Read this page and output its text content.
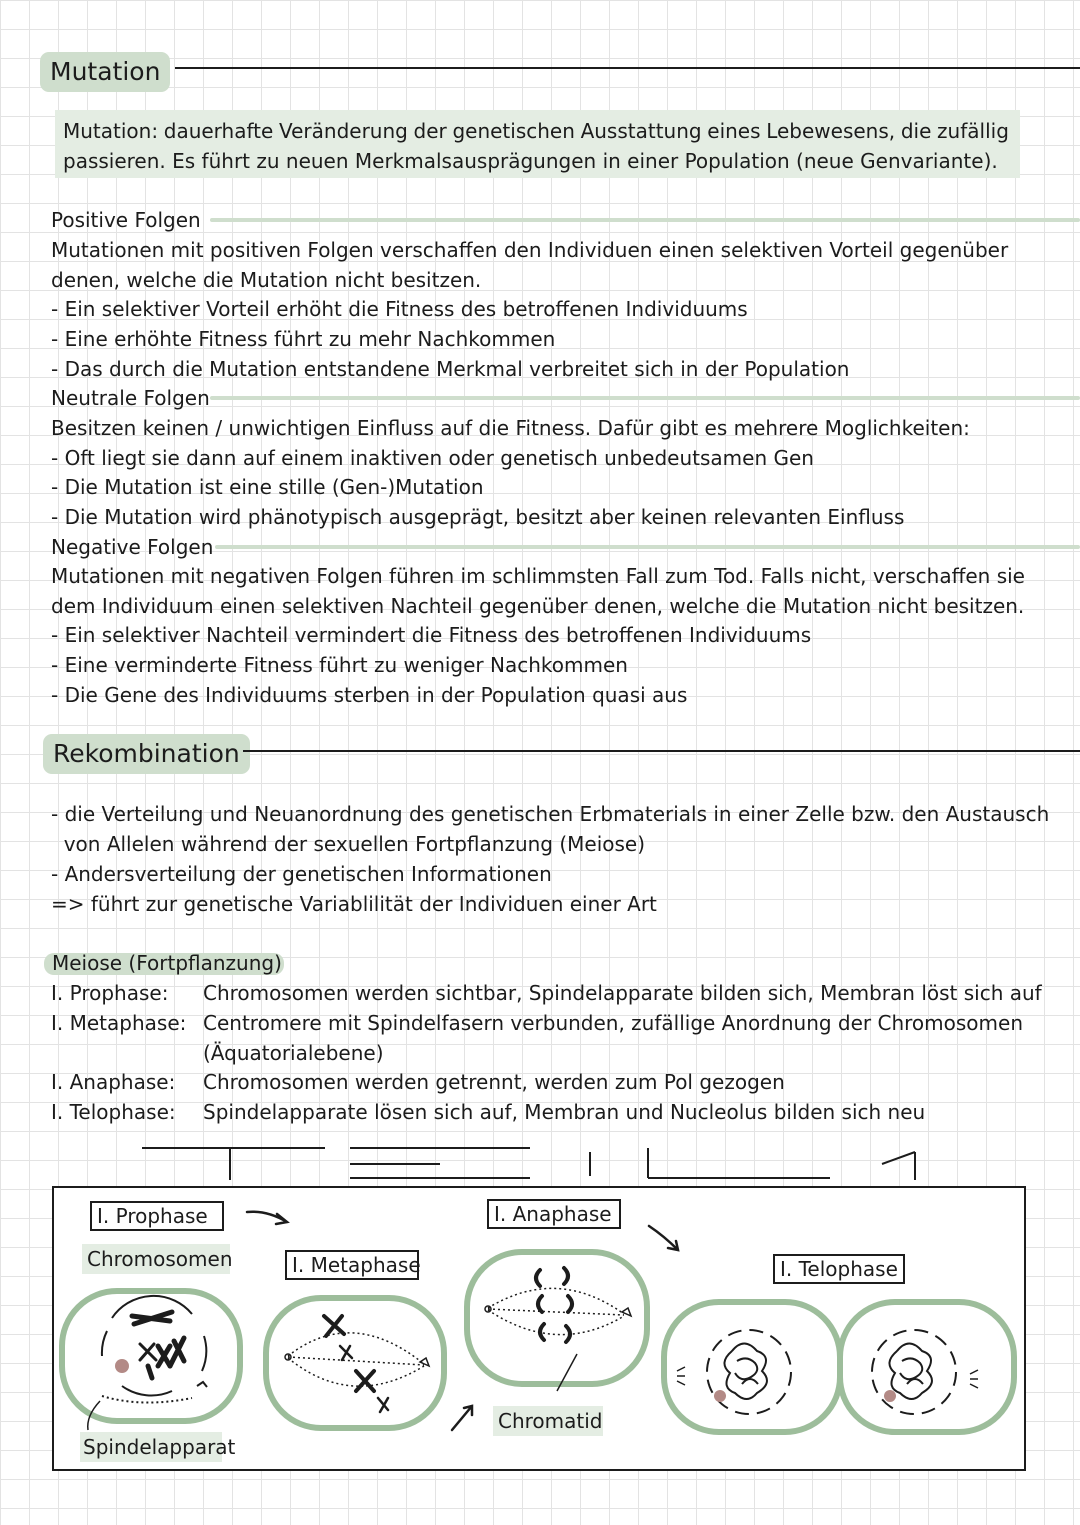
Mutation
Mutation: dauerhafte Veränderung der genetischen Ausstattung eines Lebewesens, die zufällig
passieren. Es führt zu neuen Merkmalsausprägungen in einer Population (neue Genvariante).
Positive Folgen
Mutationen mit positiven Folgen verschaffen den Individuen einen selektiven Vorteil gegenüber
denen, welche die Mutation nicht besitzen.
- Ein selektiver Vorteil erhöht die Fitness des betroffenen Individuums
- Eine erhöhte Fitness führt zu mehr Nachkommen
- Das durch die Mutation entstandene Merkmal verbreitet sich in der Population
Neutrale Folgen
Besitzen keinen / unwichtigen Einfluss auf die Fitness. Dafür gibt es mehrere Moglichkeiten:
- Oft liegt sie dann auf einem inaktiven oder genetisch unbedeutsamen Gen
- Die Mutation ist eine stille (Gen-)Mutation
- Die Mutation wird phänotypisch ausgeprägt, besitzt aber keinen relevanten Einfluss
Negative Folgen
Mutationen mit negativen Folgen führen im schlimmsten Fall zum Tod. Falls nicht, verschaffen sie
dem Individuum einen selektiven Nachteil gegenüber denen, welche die Mutation nicht besitzen.
- Ein selektiver Nachteil vermindert die Fitness des betroffenen Individuums
- Eine verminderte Fitness führt zu weniger Nachkommen
- Die Gene des Individuums sterben in der Population quasi aus
Rekombination
- die Verteilung und Neuanordnung des genetischen Erbmaterials in einer Zelle bzw. den Austausch
von Allelen während der sexuellen Fortpflanzung (Meiose)
- Andersverteilung der genetischen Informationen
=> führt zur genetische Variablilität der Individuen einer Art
Meiose (Fortpflanzung)
I. Prophase: Chromosomen werden sichtbar, Spindelapparate bilden sich, Membran löst sich auf
I. Metaphase: Centromere mit Spindelfasern verbunden, zufällige Anordnung der Chromosomen
(Äquatorialebene)
I. Anaphase: Chromosomen werden getrennt, werden zum Pol gezogen
I. Telophase: Spindelapparate lösen sich auf, Membran und Nucleolus bilden sich neu
I. Prophase
I. Metaphase
I. Anaphase
I. Telophase
Chromosomen
Spindelapparat
Chromatid
